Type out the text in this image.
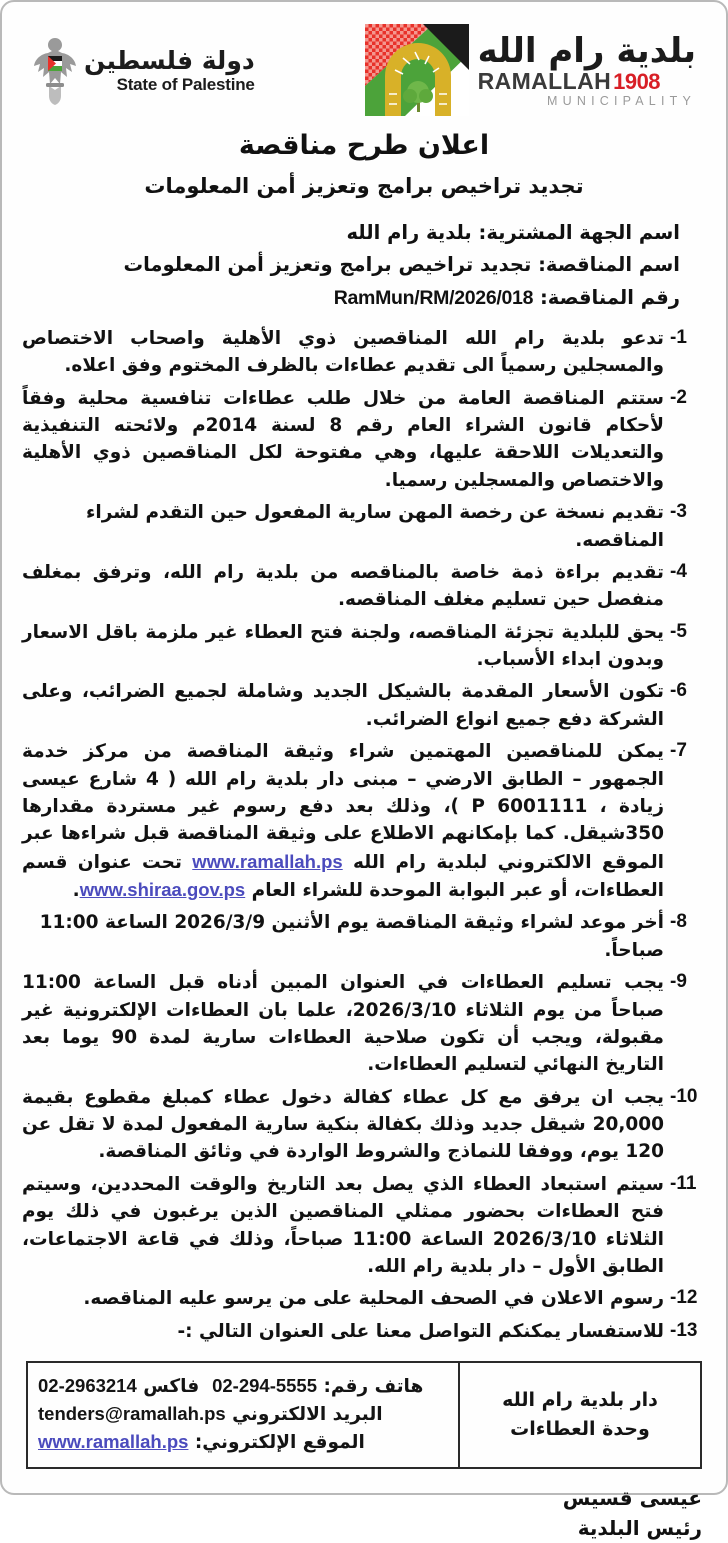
بلدية رام الله
RAMALLAH 1908
MUNICIPALITY
دولة فلسطين
State of Palestine
اعلان طرح مناقصة
تجديد تراخيص برامج وتعزيز أمن المعلومات
اسم الجهة المشترية: بلدية رام الله
اسم المناقصة: تجديد تراخيص برامج وتعزيز أمن المعلومات
رقم المناقصة: RamMun/RM/2026/018
-1
تدعو بلدية رام الله المناقصين ذوي الأهلية واصحاب الاختصاص والمسجلين رسمياً الى تقديم عطاءات بالظرف المختوم وفق اعلاه.
-2
ستتم المناقصة العامة من خلال طلب عطاءات تنافسية محلية وفقاً لأحكام قانون الشراء العام رقم 8 لسنة 2014م ولائحته التنفيذية والتعديلات اللاحقة عليها، وهي مفتوحة لكل المناقصين ذوي الأهلية والاختصاص والمسجلين رسميا.
-3
تقديم نسخة عن رخصة المهن سارية المفعول حين التقدم لشراء المناقصه.
-4
تقديم براءة ذمة خاصة بالمناقصه من بلدية رام الله، وترفق بمغلف منفصل حين تسليم مغلف المناقصه.
-5
يحق للبلدية تجزئة المناقصه، ولجنة فتح العطاء غير ملزمة باقل الاسعار وبدون ابداء الأسباب.
-6
تكون الأسعار المقدمة بالشيكل الجديد وشاملة لجميع الضرائب، وعلى الشركة دفع جميع انواع الضرائب.
-7
يمكن للمناقصين المهتمين شراء وثيقة المناقصة من مركز خدمة الجمهور – الطابق الارضي – مبنى دار بلدية رام الله ( 4 شارع عيسى زيادة ، 6001111 P )، وذلك بعد دفع رسوم غير مستردة مقدارها 350شيقل. كما بإمكانهم الاطلاع على وثيقة المناقصة قبل شراءها عبر الموقع الالكتروني لبلدية رام الله www.ramallah.ps تحت عنوان قسم العطاءات، أو عبر البوابة الموحدة للشراء العام www.shiraa.gov.ps.
-8
أخر موعد لشراء وثيقة المناقصة يوم الأثنين 2026/3/9 الساعة 11:00 صباحاً.
-9
يجب تسليم العطاءات في العنوان المبين أدناه قبل الساعة 11:00 صباحاً من يوم الثلاثاء 2026/3/10، علما بان العطاءات الإلكترونية غير مقبولة، ويجب أن تكون صلاحية العطاءات سارية لمدة 90 يوما بعد التاريخ النهائي لتسليم العطاءات.
-10
يجب ان يرفق مع كل عطاء كفالة دخول عطاء كمبلغ مقطوع بقيمة 20,000 شيقل جديد وذلك بكفالة بنكية سارية المفعول لمدة لا تقل عن 120 يوم، ووفقا للنماذج والشروط الواردة في وثائق المناقصة.
-11
سيتم استبعاد العطاء الذي يصل بعد التاريخ والوقت المحددين، وسيتم فتح العطاءات بحضور ممثلي المناقصين الذين يرغبون في ذلك يوم الثلاثاء 2026/3/10 الساعة 11:00 صباحاً، وذلك في قاعة الاجتماعات، الطابق الأول – دار بلدية رام الله.
-12
رسوم الاعلان في الصحف المحلية على من يرسو عليه المناقصه.
-13
للاستفسار يمكنكم التواصل معنا على العنوان التالي :-
دار بلدية رام الله
وحدة العطاءات
هاتف رقم: 02-294-5555  فاكس 02-2963214
البريد الالكتروني tenders@ramallah.ps
الموقع الإلكتروني: www.ramallah.ps
عيسى قسيس
رئيس البلدية
